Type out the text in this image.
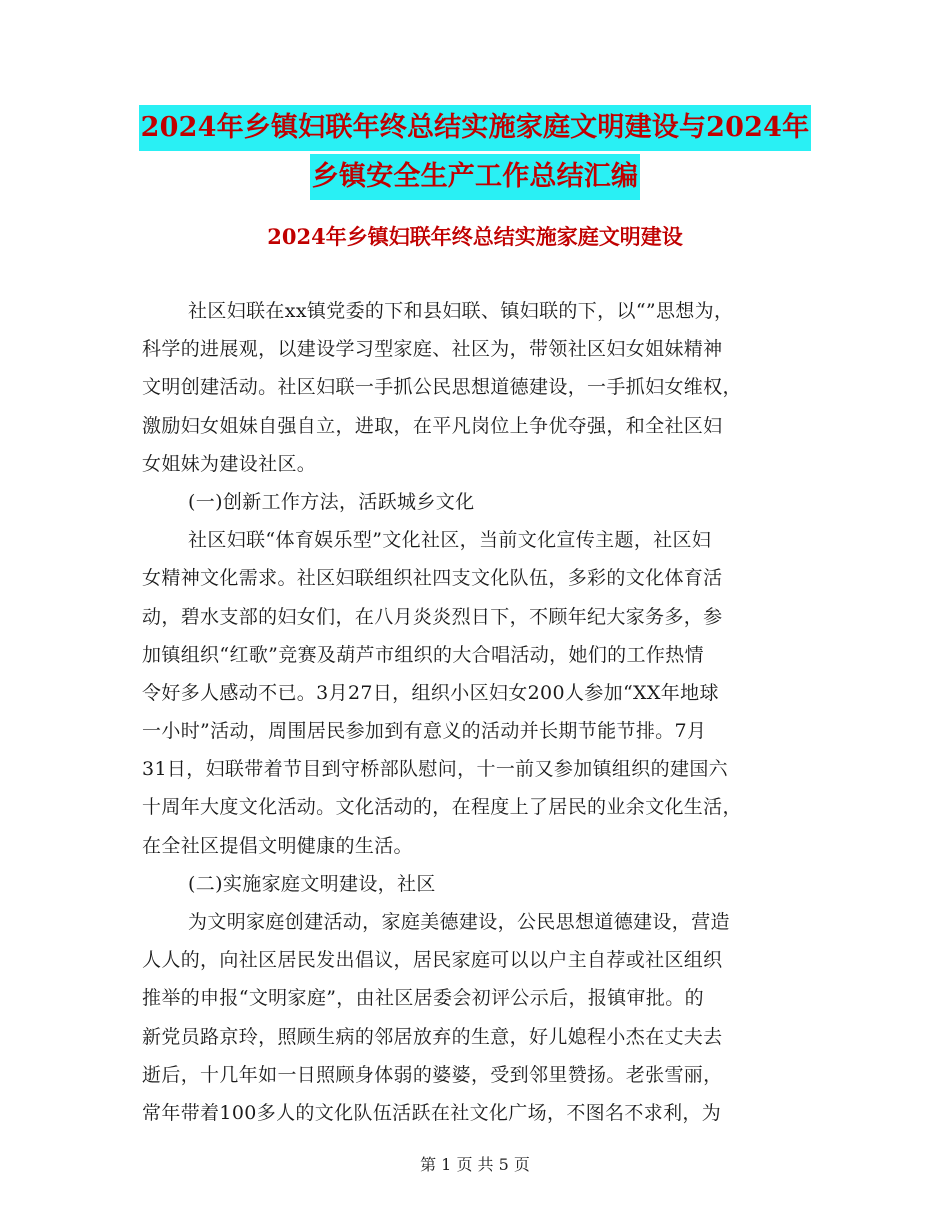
2024年乡镇妇联年终总结实施家庭文明建设与2024年
乡镇安全生产工作总结汇编
2024年乡镇妇联年终总结实施家庭文明建设
社区妇联在xx镇党委的下和县妇联、镇妇联的下，以“”思想为，
科学的进展观，以建设学习型家庭、社区为，带领社区妇女姐妹精神
文明创建活动。社区妇联一手抓公民思想道德建设，一手抓妇女维权，
激励妇女姐妹自强自立，进取，在平凡岗位上争优夺强，和全社区妇
女姐妹为建设社区。
(一)创新工作方法，活跃城乡文化
社区妇联“体育娱乐型”文化社区，当前文化宣传主题，社区妇
女精神文化需求。社区妇联组织社四支文化队伍，多彩的文化体育活
动，碧水支部的妇女们，在八月炎炎烈日下，不顾年纪大家务多，参
加镇组织“红歌”竞赛及葫芦市组织的大合唱活动，她们的工作热情
令好多人感动不已。3月27日，组织小区妇女200人参加“XX年地球
一小时”活动，周围居民参加到有意义的活动并长期节能节排。7月
31日，妇联带着节目到守桥部队慰问，十一前又参加镇组织的建国六
十周年大度文化活动。文化活动的，在程度上了居民的业余文化生活，
在全社区提倡文明健康的生活。
(二)实施家庭文明建设，社区
为文明家庭创建活动，家庭美德建设，公民思想道德建设，营造
人人的，向社区居民发出倡议，居民家庭可以以户主自荐或社区组织
推举的申报“文明家庭”，由社区居委会初评公示后，报镇审批。的
新党员路京玲，照顾生病的邻居放弃的生意，好儿媳程小杰在丈夫去
逝后，十几年如一日照顾身体弱的婆婆，受到邻里赞扬。老张雪丽，
常年带着100多人的文化队伍活跃在社文化广场，不图名不求利，为
第 1 页 共 5 页
